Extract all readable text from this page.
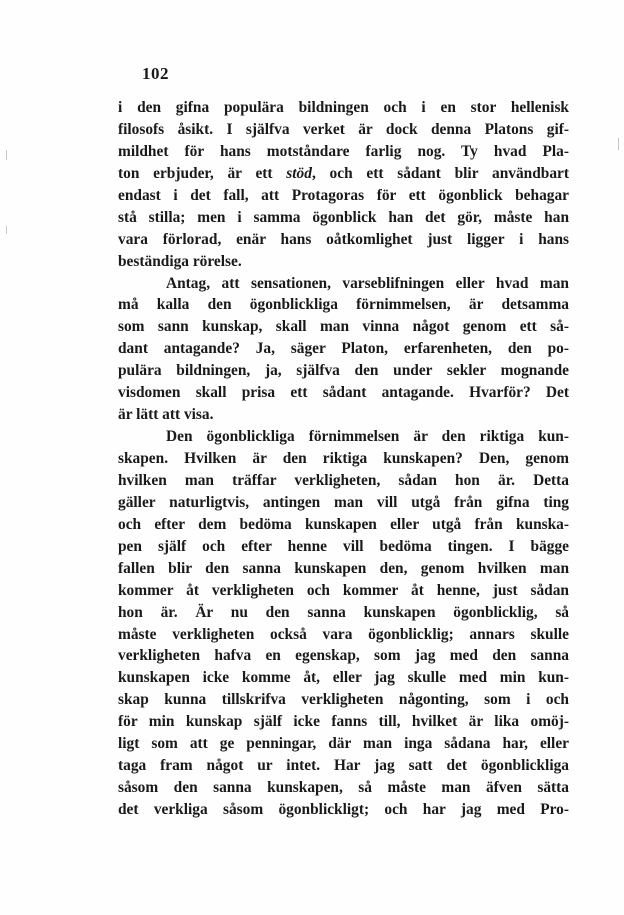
102
i den gifna populära bildningen och i en stor hellenisk
filosofs åsikt. I själfva verket är dock denna Platons gif-
mildhet för hans motståndare farlig nog. Ty hvad Pla-
ton erbjuder, är ett stöd, och ett sådant blir användbart
endast i det fall, att Protagoras för ett ögonblick behagar
stå stilla; men i samma ögonblick han det gör, måste han
vara förlorad, enär hans oåtkomlighet just ligger i hans
beständiga rörelse.
Antag, att sensationen, varseblifningen eller hvad man
må kalla den ögonblickliga förnimmelsen, är detsamma
som sann kunskap, skall man vinna något genom ett så-
dant antagande? Ja, säger Platon, erfarenheten, den po-
pulära bildningen, ja, själfva den under sekler mognande
visdomen skall prisa ett sådant antagande. Hvarför? Det
är lätt att visa.
Den ögonblickliga förnimmelsen är den riktiga kun-
skapen. Hvilken är den riktiga kunskapen? Den, genom
hvilken man träffar verkligheten, sådan hon är. Detta
gäller naturligtvis, antingen man vill utgå från gifna ting
och efter dem bedöma kunskapen eller utgå från kunska-
pen själf och efter henne vill bedöma tingen. I bägge
fallen blir den sanna kunskapen den, genom hvilken man
kommer åt verkligheten och kommer åt henne, just sådan
hon är. Är nu den sanna kunskapen ögonblicklig, så
måste verkligheten också vara ögonblicklig; annars skulle
verkligheten hafva en egenskap, som jag med den sanna
kunskapen icke komme åt, eller jag skulle med min kun-
skap kunna tillskrifva verkligheten någonting, som i och
för min kunskap själf icke fanns till, hvilket är lika omöj-
ligt som att ge penningar, där man inga sådana har, eller
taga fram något ur intet. Har jag satt det ögonblickliga
såsom den sanna kunskapen, så måste man äfven sätta
det verkliga såsom ögonblickligt; och har jag med Pro-
